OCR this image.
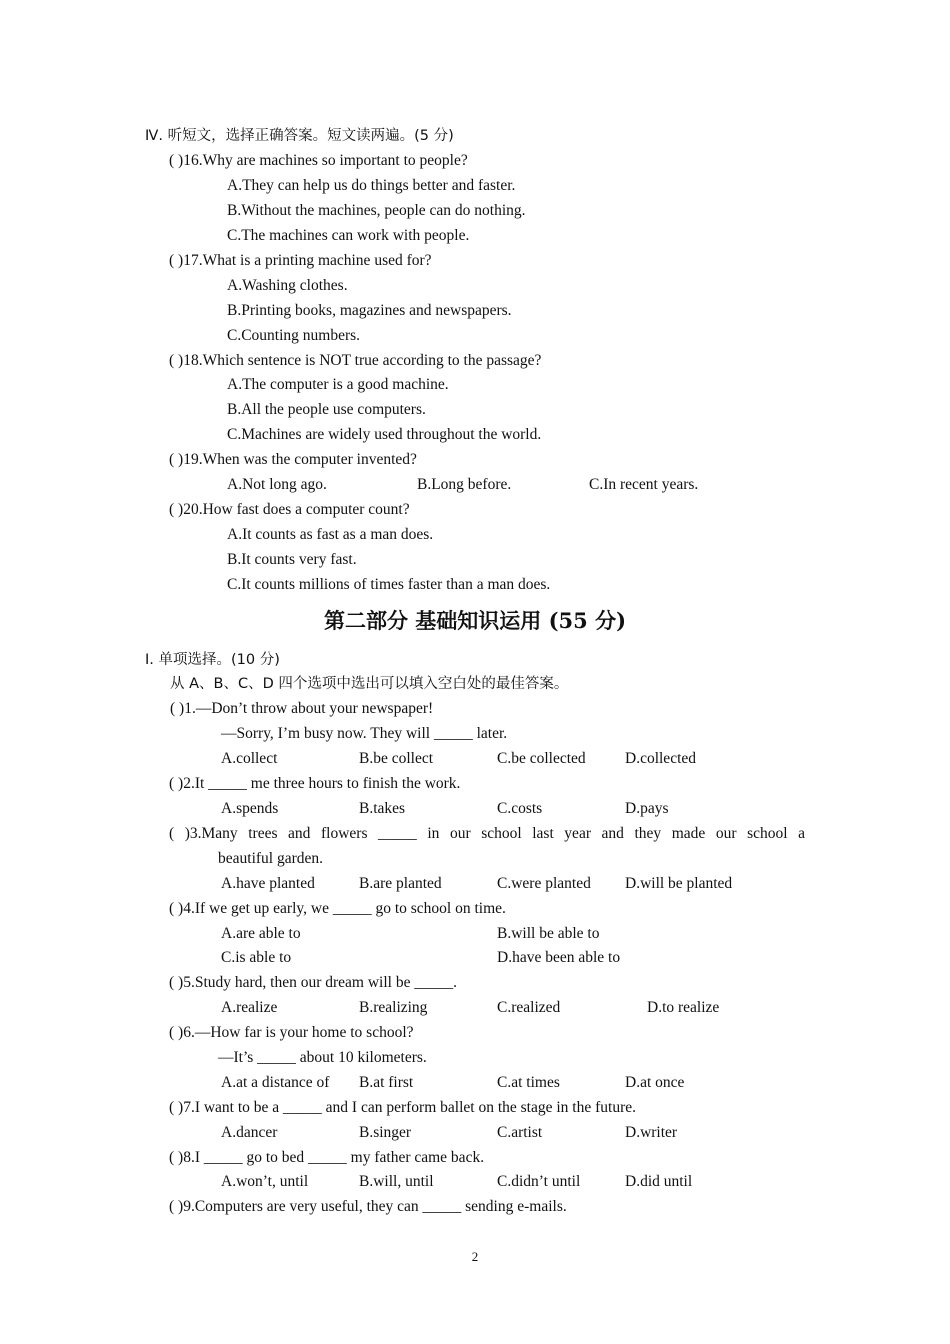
Ⅳ. 听短文，选择正确答案。短文读两遍。(5 分)
( )16.Why are machines so important to people?
A.They can help us do things better and faster.
B.Without the machines, people can do nothing.
C.The machines can work with people.
( )17.What is a printing machine used for?
A.Washing clothes.
B.Printing books, magazines and newspapers.
C.Counting numbers.
( )18.Which sentence is NOT true according to the passage?
A.The computer is a good machine.
B.All the people use computers.
C.Machines are widely used throughout the world.
( )19.When was the computer invented?
A.Not long ago.	B.Long before.	C.In recent years.
( )20.How fast does a computer count?
A.It counts as fast as a man does.
B.It counts very fast.
C.It counts millions of times faster than a man does.
第二部分 基础知识运用 (55 分)
Ⅰ. 单项选择。(10 分)
从 A、B、C、D 四个选项中选出可以填入空白处的最佳答案。
( )1.—Don’t throw about your newspaper!
—Sorry, I’m busy now. They will _____ later.
A.collect	B.be collect	C.be collected	D.collected
( )2.It _____ me three hours to finish the work.
A.spends	B.takes	C.costs	D.pays
( )3.Many trees and flowers _____ in our school last year and they made our school a
beautiful garden.
A.have planted	B.are planted	C.were planted D.will be planted
( )4.If we get up early, we _____ go to school on time.
A.are able to	B.will be able to
C.is able to	D.have been able to
( )5.Study hard, then our dream will be _____.
A.realize	B.realizing	C.realized	D.to realize
( )6.—How far is your home to school?
—It’s _____ about 10 kilometers.
A.at a distance of B.at first	C.at times	D.at once
( )7.I want to be a _____ and I can perform ballet on the stage in the future.
A.dancer	B.singer	C.artist	D.writer
( )8.I _____ go to bed _____ my father came back.
A.won’t, until	B.will, until	C.didn’t until	D.did until
( )9.Computers are very useful, they can _____ sending e-mails.
2
